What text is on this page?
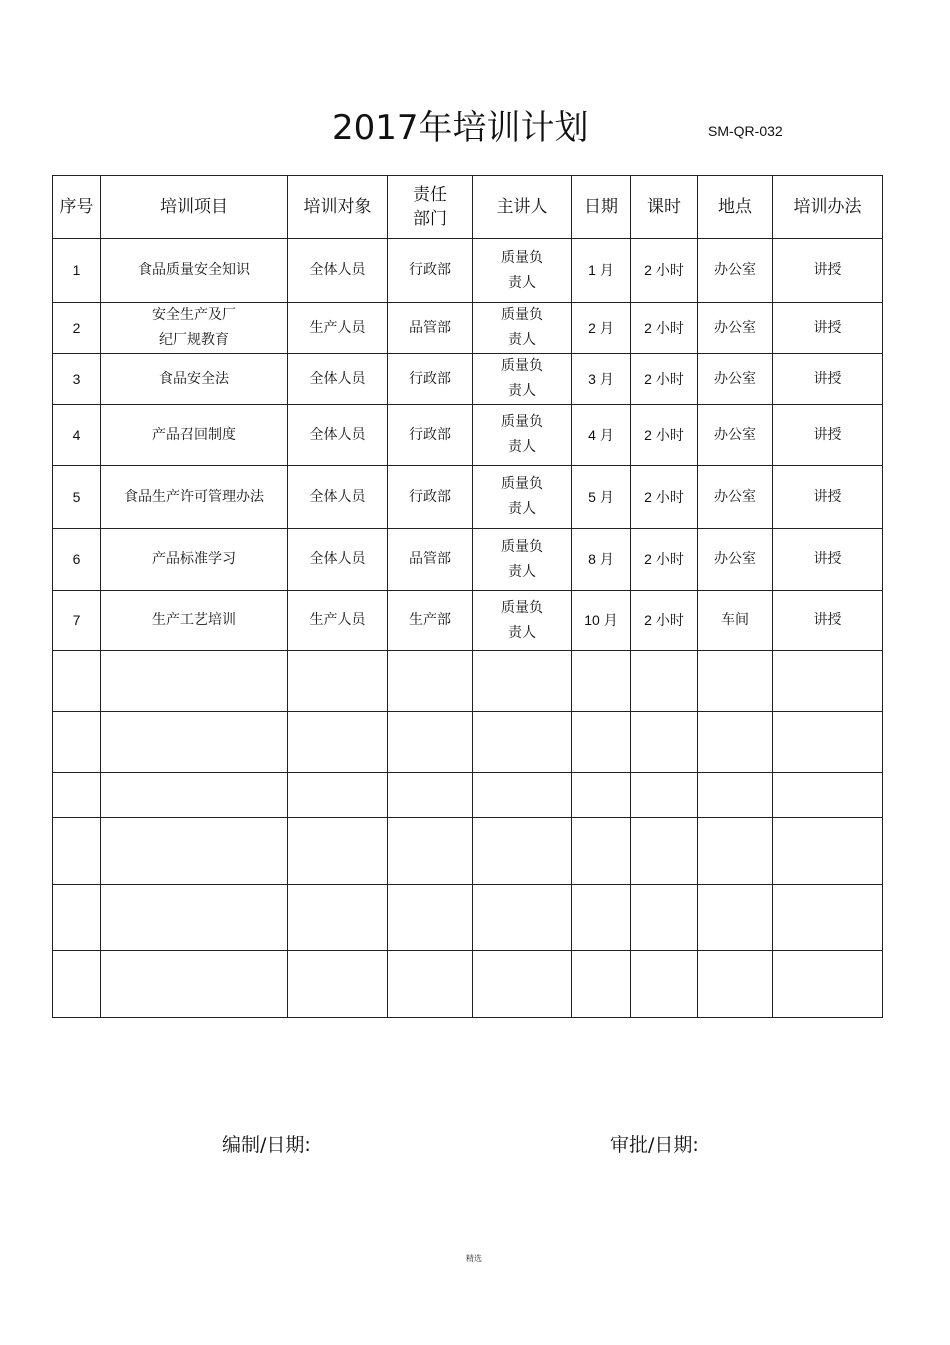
2017年培训计划	SM-QR-032
序号	培训项目	培训对象	责任部门	主讲人	日期	课时	地点	培训办法
1	食品质量安全知识	全体人员	行政部	质量负责人	1 月	2 小时	办公室	讲授
2	安全生产及厂纪厂规教育	生产人员	品管部	质量负责人	2 月	2 小时	办公室	讲授
3	食品安全法	全体人员	行政部	质量负责人	3 月	2 小时	办公室	讲授
4	产品召回制度	全体人员	行政部	质量负责人	4 月	2 小时	办公室	讲授
5	食品生产许可管理办法	全体人员	行政部	质量负责人	5 月	2 小时	办公室	讲授
6	产品标准学习	全体人员	品管部	质量负责人	8 月	2 小时	办公室	讲授
7	生产工艺培训	生产人员	生产部	质量负责人	10 月	2 小时	车间	讲授

编制/日期:	审批/日期:
精选
